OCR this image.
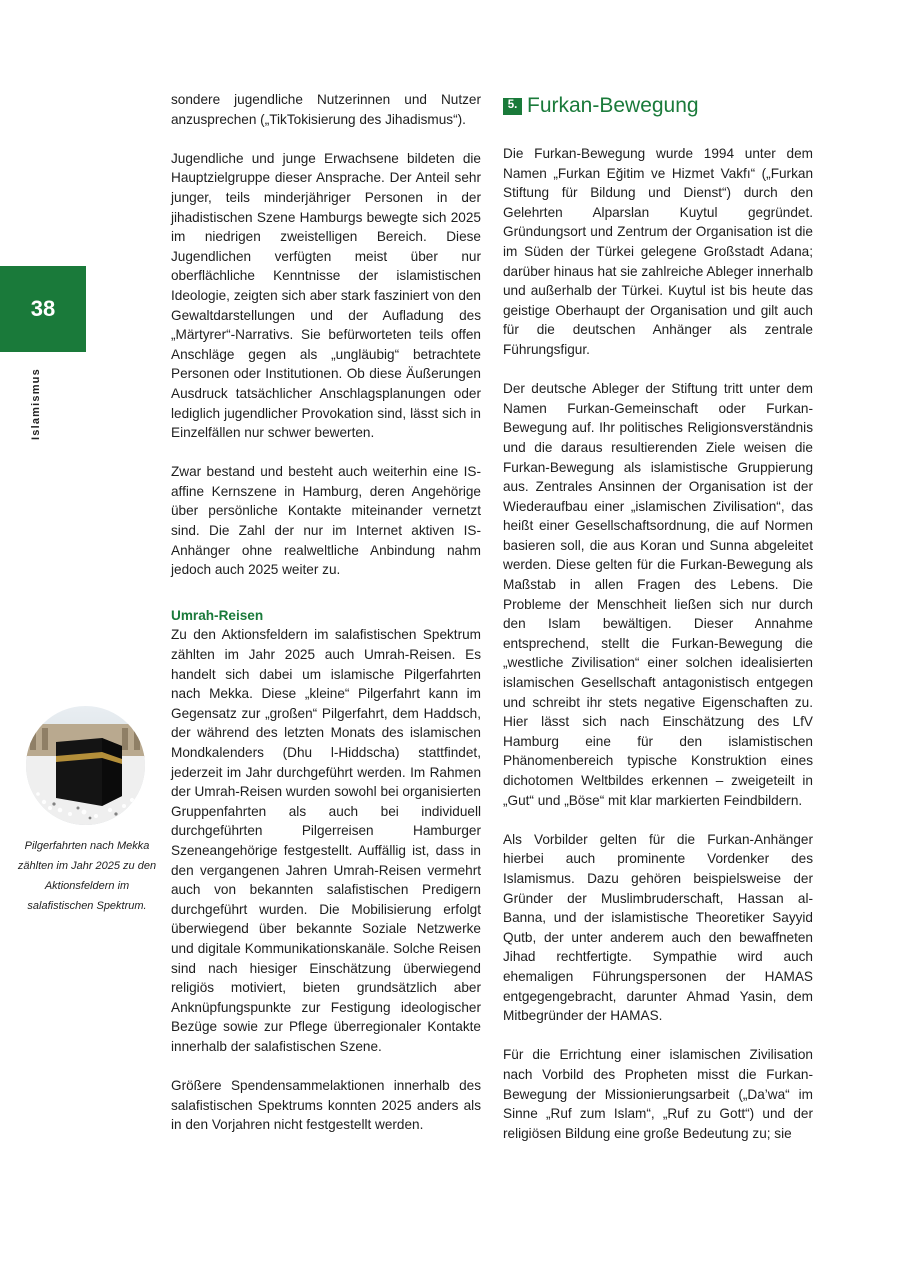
38
Islamismus
Pilgerfahrten nach Mekka zählten im Jahr 2025 zu den Aktionsfeldern im salafistischen Spektrum.

sondere jugendliche Nutzerinnen und Nutzer anzusprechen („TikTokisierung des Jihadismus“).

Jugendliche und junge Erwachsene bildeten die Hauptzielgruppe dieser Ansprache. Der Anteil sehr junger, teils minderjähriger Personen in der jihadistischen Szene Hamburgs bewegte sich 2025 im niedrigen zweistelligen Bereich. Diese Jugendlichen verfügten meist über nur oberflächliche Kenntnisse der islamistischen Ideologie, zeigten sich aber stark fasziniert von den Gewaltdarstellungen und der Aufladung des „Märtyrer“-Narrativs. Sie befürworteten teils offen Anschläge gegen als „ungläubig“ betrachtete Personen oder Institutionen. Ob diese Äußerungen Ausdruck tatsächlicher Anschlagsplanungen oder lediglich jugendlicher Provokation sind, lässt sich in Einzelfällen nur schwer bewerten.

Zwar bestand und besteht auch weiterhin eine IS-affine Kernszene in Hamburg, deren Angehörige über persönliche Kontakte miteinander vernetzt sind. Die Zahl der nur im Internet aktiven IS-Anhänger ohne realweltliche Anbindung nahm jedoch auch 2025 weiter zu.

Umrah-Reisen

Zu den Aktionsfeldern im salafistischen Spektrum zählten im Jahr 2025 auch Umrah-Reisen. Es handelt sich dabei um islamische Pilgerfahrten nach Mekka. Diese „kleine“ Pilgerfahrt kann im Gegensatz zur „großen“ Pilgerfahrt, dem Haddsch, der während des letzten Monats des islamischen Mondkalenders (Dhu l-Hiddscha) stattfindet, jederzeit im Jahr durchgeführt werden. Im Rahmen der Umrah-Reisen wurden sowohl bei organisierten Gruppenfahrten als auch bei individuell durchgeführten Pilgerreisen Hamburger Szeneangehörige festgestellt. Auffällig ist, dass in den vergangenen Jahren Umrah-Reisen vermehrt auch von bekannten salafistischen Predigern durchgeführt wurden. Die Mobilisierung erfolgt überwiegend über bekannte Soziale Netzwerke und digitale Kommunikationskanäle. Solche Reisen sind nach hiesiger Einschätzung überwiegend religiös motiviert, bieten grundsätzlich aber Anknüpfungspunkte zur Festigung ideologischer Bezüge sowie zur Pflege überregionaler Kontakte innerhalb der salafistischen Szene.

Größere Spendensammelaktionen innerhalb des salafistischen Spektrums konnten 2025 anders als in den Vorjahren nicht festgestellt werden.

5. Furkan-Bewegung

Die Furkan-Bewegung wurde 1994 unter dem Namen „Furkan Eğitim ve Hizmet Vakfı“ („Furkan Stiftung für Bildung und Dienst“) durch den Gelehrten Alparslan Kuytul gegründet. Gründungsort und Zentrum der Organisation ist die im Süden der Türkei gelegene Großstadt Adana; darüber hinaus hat sie zahlreiche Ableger innerhalb und außerhalb der Türkei. Kuytul ist bis heute das geistige Oberhaupt der Organisation und gilt auch für die deutschen Anhänger als zentrale Führungsfigur.

Der deutsche Ableger der Stiftung tritt unter dem Namen Furkan-Gemeinschaft oder Furkan-Bewegung auf. Ihr politisches Religionsverständnis und die daraus resultierenden Ziele weisen die Furkan-Bewegung als islamistische Gruppierung aus. Zentrales Ansinnen der Organisation ist der Wiederaufbau einer „islamischen Zivilisation“, das heißt einer Gesellschaftsordnung, die auf Normen basieren soll, die aus Koran und Sunna abgeleitet werden. Diese gelten für die Furkan-Bewegung als Maßstab in allen Fragen des Lebens. Die Probleme der Menschheit ließen sich nur durch den Islam bewältigen. Dieser Annahme entsprechend, stellt die Furkan-Bewegung die „westliche Zivilisation“ einer solchen idealisierten islamischen Gesellschaft antagonistisch entgegen und schreibt ihr stets negative Eigenschaften zu. Hier lässt sich nach Einschätzung des LfV Hamburg eine für den islamistischen Phänomenbereich typische Konstruktion eines dichotomen Weltbildes erkennen – zweigeteilt in „Gut“ und „Böse“ mit klar markierten Feindbildern.

Als Vorbilder gelten für die Furkan-Anhänger hierbei auch prominente Vordenker des Islamismus. Dazu gehören beispielsweise der Gründer der Muslimbruderschaft, Hassan al-Banna, und der islamistische Theoretiker Sayyid Qutb, der unter anderem auch den bewaffneten Jihad rechtfertigte. Sympathie wird auch ehemaligen Führungspersonen der HAMAS entgegengebracht, darunter Ahmad Yasin, dem Mitbegründer der HAMAS.

Für die Errichtung einer islamischen Zivilisation nach Vorbild des Propheten misst die Furkan-Bewegung der Missionierungsarbeit („Da’wa“ im Sinne „Ruf zum Islam“, „Ruf zu Gott“) und der religiösen Bildung eine große Bedeutung zu; sie
